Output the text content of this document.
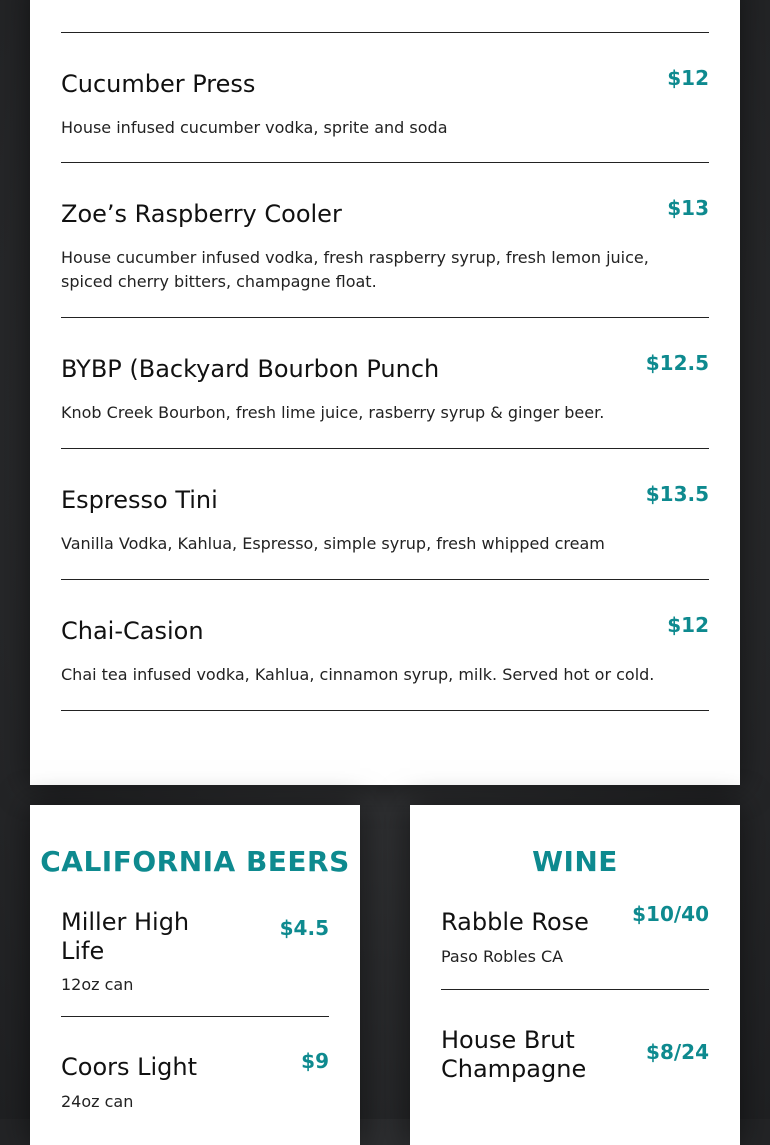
Cucumber Press	$12
House infused cucumber vodka, sprite and soda
Zoe’s Raspberry Cooler	$13
House cucumber infused vodka, fresh raspberry syrup, fresh lemon juice, spiced cherry bitters, champagne float.
BYBP (Backyard Bourbon Punch	$12.5
Knob Creek Bourbon, fresh lime juice, rasberry syrup & ginger beer.
Espresso Tini	$13.5
Vanilla Vodka, Kahlua, Espresso, simple syrup, fresh whipped cream
Chai-Casion	$12
Chai tea infused vodka, Kahlua, cinnamon syrup, milk. Served hot or cold.
CALIFORNIA BEERS
Miller High Life
$4.5
12oz can
Coors Light	$9
24oz can
WINE
Rabble Rose	$10/40
Paso Robles CA
House Brut Champagne
$8/24
